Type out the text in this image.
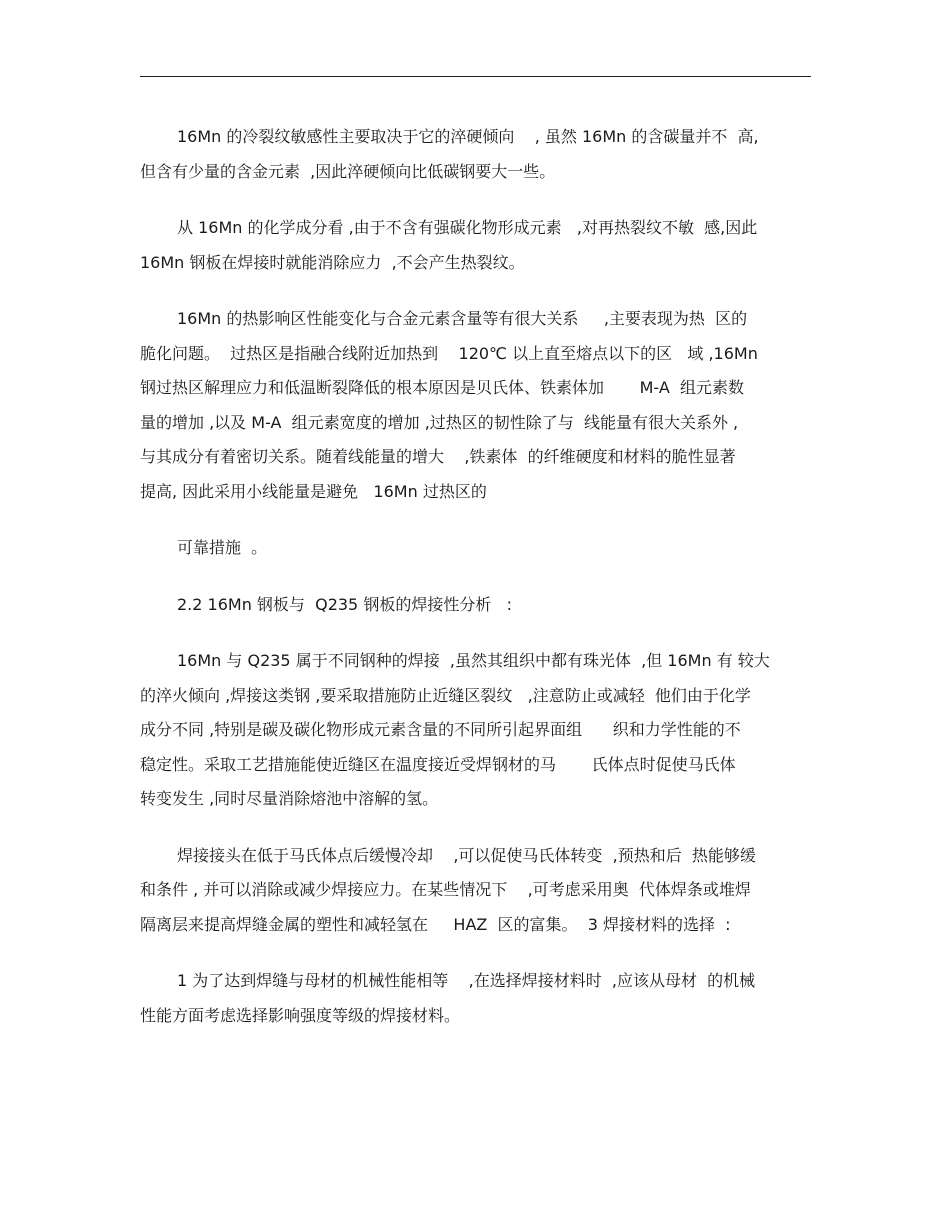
16Mn 的冷裂纹敏感性主要取决于它的淬硬倾向    , 虽然 16Mn 的含碳量并不  高,
但含有少量的含金元素  ,因此淬硬倾向比低碳钢要大一些。

从 16Mn 的化学成分看 ,由于不含有强碳化物形成元素   ,对再热裂纹不敏  感,因此
16Mn 钢板在焊接时就能消除应力  ,不会产生热裂纹。

16Mn 的热影响区性能变化与合金元素含量等有很大关系     ,主要表现为热  区的
脆化问题。  过热区是指融合线附近加热到    120℃ 以上直至熔点以下的区   域 ,16Mn
钢过热区解理应力和低温断裂降低的根本原因是贝氏体、铁素体加       M-A  组元素数
量的增加 ,以及 M-A  组元素宽度的增加 ,过热区的韧性除了与  线能量有很大关系外 ,
与其成分有着密切关系。随着线能量的增大    ,铁素体  的纤维硬度和材料的脆性显著
提高, 因此采用小线能量是避免   16Mn 过热区的

可靠措施  。

2.2 16Mn 钢板与  Q235 钢板的焊接性分析   :

16Mn 与 Q235 属于不同钢种的焊接  ,虽然其组织中都有珠光体  ,但 16Mn 有 较大
的淬火倾向 ,焊接这类钢 ,要采取措施防止近缝区裂纹   ,注意防止或减轻  他们由于化学
成分不同 ,特别是碳及碳化物形成元素含量的不同所引起界面组      织和力学性能的不
稳定性。采取工艺措施能使近缝区在温度接近受焊钢材的马       氏体点时促使马氏体
转变发生 ,同时尽量消除熔池中溶解的氢。

焊接接头在低于马氏体点后缓慢冷却    ,可以促使马氏体转变  ,预热和后  热能够缓
和条件 , 并可以消除或减少焊接应力。在某些情况下    ,可考虑采用奥  代体焊条或堆焊
隔离层来提高焊缝金属的塑性和减轻氢在     HAZ  区的富集。  3 焊接材料的选择  :

1 为了达到焊缝与母材的机械性能相等    ,在选择焊接材料时  ,应该从母材  的机械
性能方面考虑选择影响强度等级的焊接材料。
